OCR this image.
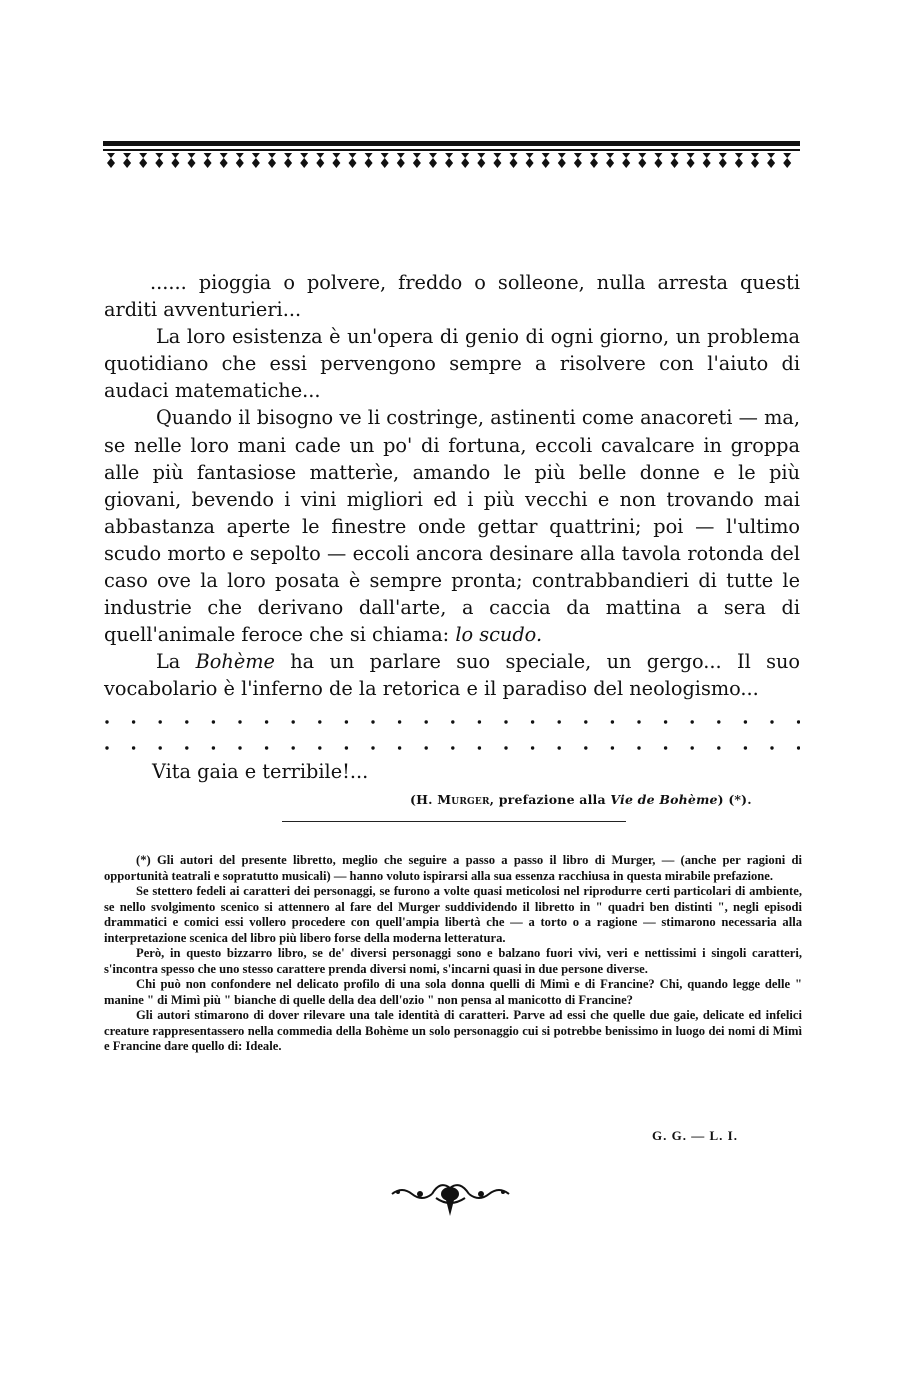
...... pioggia o polvere, freddo o solleone, nulla arresta questi arditi avventurieri...

La loro esistenza è un'opera di genio di ogni giorno, un problema quotidiano che essi pervengono sempre a risolvere con l'aiuto di audaci matematiche...

Quando il bisogno ve li costringe, astinenti come anacoreti — ma, se nelle loro mani cade un po' di fortuna, eccoli cavalcare in groppa alle più fantasiose matterìe, amando le più belle donne e le più giovani, bevendo i vini migliori ed i più vecchi e non trovando mai abbastanza aperte le finestre onde gettar quattrini; poi — l'ultimo scudo morto e sepolto — eccoli ancora desinare alla tavola rotonda del caso ove la loro posata è sempre pronta; contrabbandieri di tutte le industrie che derivano dall'arte, a caccia da mattina a sera di quell'animale feroce che si chiama: lo scudo.

La Bohème ha un parlare suo speciale, un gergo... Il suo vocabolario è l'inferno de la retorica e il paradiso del neologismo...

Vita gaia e terribile!...
(H. Murger, prefazione alla Vie de Bohème) (*).

(*) Gli autori del presente libretto, meglio che seguire a passo a passo il libro di Murger, — (anche per ragioni di opportunità teatrali e sopratutto musicali) — hanno voluto ispirarsi alla sua essenza racchiusa in questa mirabile prefazione.

Se stettero fedeli ai caratteri dei personaggi, se furono a volte quasi meticolosi nel riprodurre certi particolari di ambiente, se nello svolgimento scenico si attennero al fare del Murger suddividendo il libretto in " quadri ben distinti ", negli episodi drammatici e comici essi vollero procedere con quell'ampia libertà che — a torto o a ragione — stimarono necessaria alla interpretazione scenica del libro più libero forse della moderna letteratura.

Però, in questo bizzarro libro, se de' diversi personaggi sono e balzano fuori vivi, veri e nettissimi i singoli caratteri, s'incontra spesso che uno stesso carattere prenda diversi nomi, s'incarni quasi in due persone diverse.

Chi può non confondere nel delicato profilo di una sola donna quelli di Mimì e di Francine? Chi, quando legge delle " manine " di Mimì più " bianche di quelle della dea dell'ozio " non pensa al manicotto di Francine?

Gli autori stimarono di dover rilevare una tale identità di caratteri. Parve ad essi che quelle due gaie, delicate ed infelici creature rappresentassero nella commedia della Bohème un solo personaggio cui si potrebbe benissimo in luogo dei nomi di Mimì e Francine dare quello di: Ideale.

G. G. — L. I.
